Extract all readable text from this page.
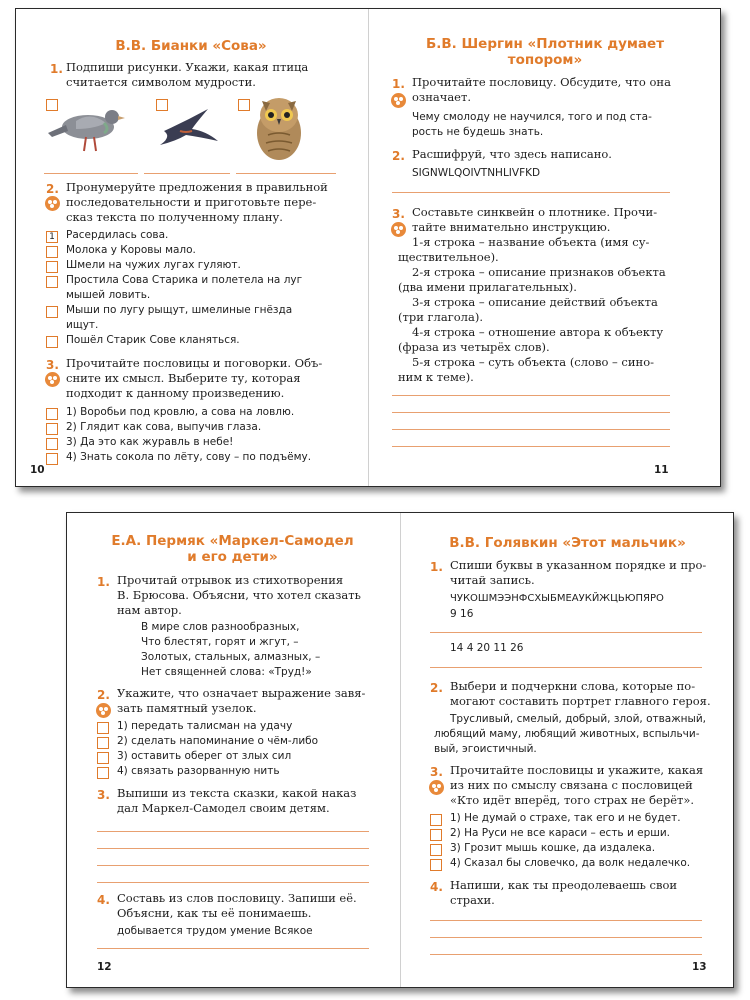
В.В. Бианки «Сова»
1. Подпиши рисунки. Укажи, какая птица
считается символом мудрости.
2. Пронумеруйте предложения в правильной
последовательности и приготовьте пере-
сказ текста по полученному плану.
1 Расердилась сова.
Молока у Коровы мало.
Шмели на чужих лугах гуляют.
Простила Сова Старика и полетела на луг
мышей ловить.
Мыши по лугу рыщут, шмелиные гнёзда
ищут.
Пошёл Старик Сове кланяться.
3. Прочитайте пословицы и поговорки. Объ-
сните их смысл. Выберите ту, которая
подходит к данному произведению.
1) Воробьи под кровлю, а сова на ловлю.
2) Глядит как сова, выпучив глаза.
3) Да это как журавль в небе!
4) Знать сокола по лёту, сову – по подъёму.
10
Б.В. Шергин «Плотник думает
топором»
1. Прочитайте пословицу. Обсудите, что она
означает.
Чему смолоду не научился, того и под ста-
рость не будешь знать.
2. Расшифруй, что здесь написано.
SIGNWLQOIVTNHLIVFKD
3. Составьте синквейн о плотнике. Прочи-
тайте внимательно инструкцию.
1-я строка – название объекта (имя су-
ществительное).
2-я строка – описание признаков объекта
(два имени прилагательных).
3-я строка – описание действий объекта
(три глагола).
4-я строка – отношение автора к объекту
(фраза из четырёх слов).
5-я строка – суть объекта (слово – сино-
ним к теме).
11
Е.А. Пермяк «Маркел-Самодел
и его дети»
1. Прочитай отрывок из стихотворения
В. Брюсова. Объясни, что хотел сказать
нам автор.
В мире слов разнообразных,
Что блестят, горят и жгут, –
Золотых, стальных, алмазных, –
Нет священней слова: «Труд!»
2. Укажите, что означает выражение завя-
зать памятный узелок.
1) передать талисман на удачу
2) сделать напоминание о чём-либо
3) оставить оберег от злых сил
4) связать разорванную нить
3. Выпиши из текста сказки, какой наказ
дал Маркел-Самодел своим детям.
4. Составь из слов пословицу. Запиши её.
Объясни, как ты её понимаешь.
добывается трудом умение Всякое
12
В.В. Голявкин «Этот мальчик»
1. Спиши буквы в указанном порядке и про-
читай запись.
ЧУКОШМЭЭНФСХЫБМЕАУКЙЖЦЬЮПЯРО
9 16
14 4 20 11 26
2. Выбери и подчеркни слова, которые по-
могают составить портрет главного героя.
Трусливый, смелый, добрый, злой, отважный,
любящий маму, любящий животных, вспыльчи-
вый, эгоистичный.
3. Прочитайте пословицы и укажите, какая
из них по смыслу связана с пословицей
«Кто идёт вперёд, того страх не берёт».
1) Не думай о страхе, так его и не будет.
2) На Руси не все караси – есть и ерши.
3) Грозит мышь кошке, да издалека.
4) Сказал бы словечко, да волк недалечко.
4. Напиши, как ты преодолеваешь свои
страхи.
13
